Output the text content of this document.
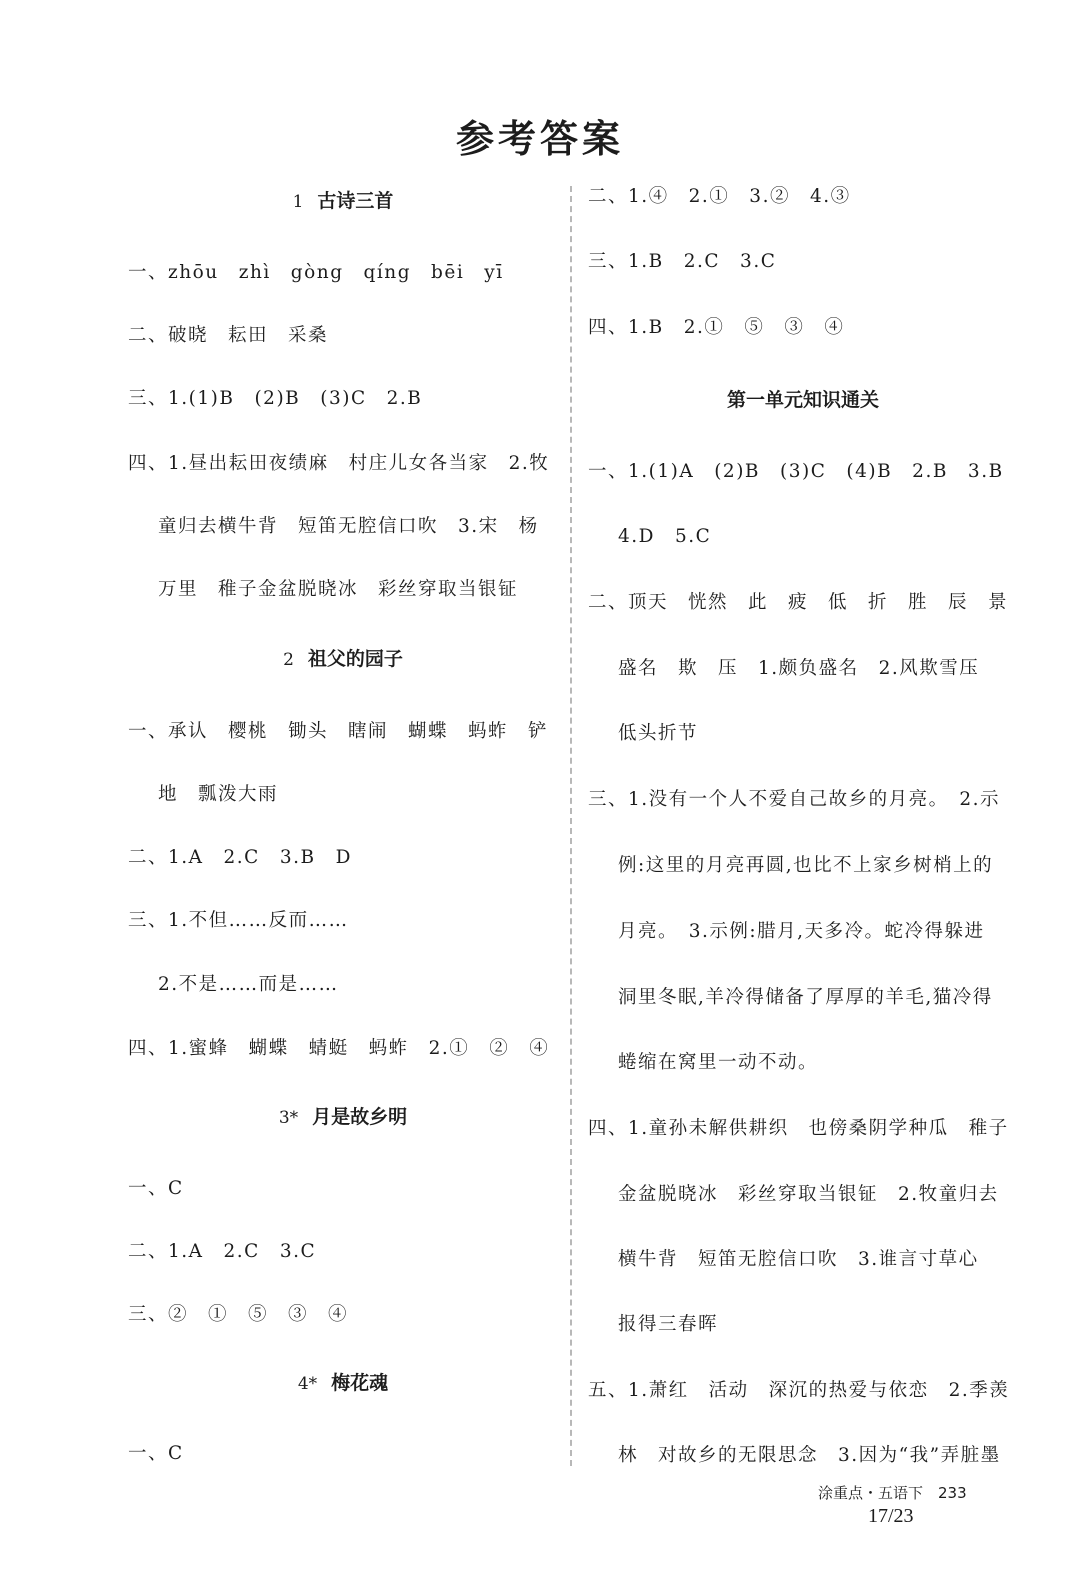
参考答案
1 古诗三首
一、zhōu　zhì　gòng　qíng　bēi　yī
二、破晓　耘田　采桑
三、1.(1)B　(2)B　(3)C　2.B
四、1.昼出耘田夜绩麻　村庄儿女各当家　2.牧
童归去横牛背　短笛无腔信口吹　3.宋　杨
万里　稚子金盆脱晓冰　彩丝穿取当银钲
2 祖父的园子
一、承认　樱桃　锄头　瞎闹　蝴蝶　蚂蚱　铲
地　瓢泼大雨
二、1.A　2.C　3.B　D
三、1.不但……反而……
2.不是……而是……
四、1.蜜蜂　蝴蝶　蜻蜓　蚂蚱　2.①　②　④
3* 月是故乡明
一、C
二、1.A　2.C　3.C
三、②　①　⑤　③　④
4* 梅花魂
一、C
二、1.④　2.①　3.②　4.③
三、1.B　2.C　3.C
四、1.B　2.①　⑤　③　④
第一单元知识通关
一、1.(1)A　(2)B　(3)C　(4)B　2.B　3.B
4.D　5.C
二、顶天　恍然　此　疲　低　折　胜　辰　景
盛名　欺　压　1.颇负盛名　2.风欺雪压
低头折节
三、1.没有一个人不爱自己故乡的月亮。　2.示
例:这里的月亮再圆,也比不上家乡树梢上的
月亮。　3.示例:腊月,天多冷。蛇冷得躲进
洞里冬眠,羊冷得储备了厚厚的羊毛,猫冷得
蜷缩在窝里一动不动。
四、1.童孙未解供耕织　也傍桑阴学种瓜　稚子
金盆脱晓冰　彩丝穿取当银钲　2.牧童归去
横牛背　短笛无腔信口吹　3.谁言寸草心
报得三春晖
五、1.萧红　活动　深沉的热爱与依恋　2.季羡
林　对故乡的无限思念　3.因为“我”弄脏墨
涂重点・五语下　233
17/23
